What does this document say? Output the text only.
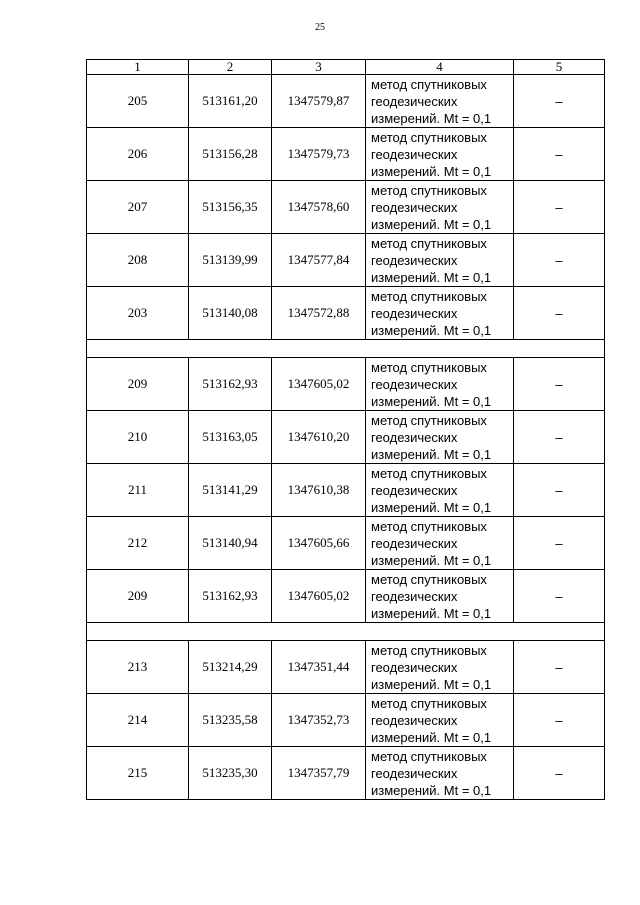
25
1	2	3	4	5
205	513161,20	1347579,87	метод спутниковых
геодезических
измерений. Mt = 0,1	–
206	513156,28	1347579,73	метод спутниковых
геодезических
измерений. Mt = 0,1	–
207	513156,35	1347578,60	метод спутниковых
геодезических
измерений. Mt = 0,1	–
208	513139,99	1347577,84	метод спутниковых
геодезических
измерений. Mt = 0,1	–
203	513140,08	1347572,88	метод спутниковых
геодезических
измерений. Mt = 0,1	–

209	513162,93	1347605,02	метод спутниковых
геодезических
измерений. Mt = 0,1	–
210	513163,05	1347610,20	метод спутниковых
геодезических
измерений. Mt = 0,1	–
211	513141,29	1347610,38	метод спутниковых
геодезических
измерений. Mt = 0,1	–
212	513140,94	1347605,66	метод спутниковых
геодезических
измерений. Mt = 0,1	–
209	513162,93	1347605,02	метод спутниковых
геодезических
измерений. Mt = 0,1	–

213	513214,29	1347351,44	метод спутниковых
геодезических
измерений. Mt = 0,1	–
214	513235,58	1347352,73	метод спутниковых
геодезических
измерений. Mt = 0,1	–
215	513235,30	1347357,79	метод спутниковых
геодезических
измерений. Mt = 0,1	–
